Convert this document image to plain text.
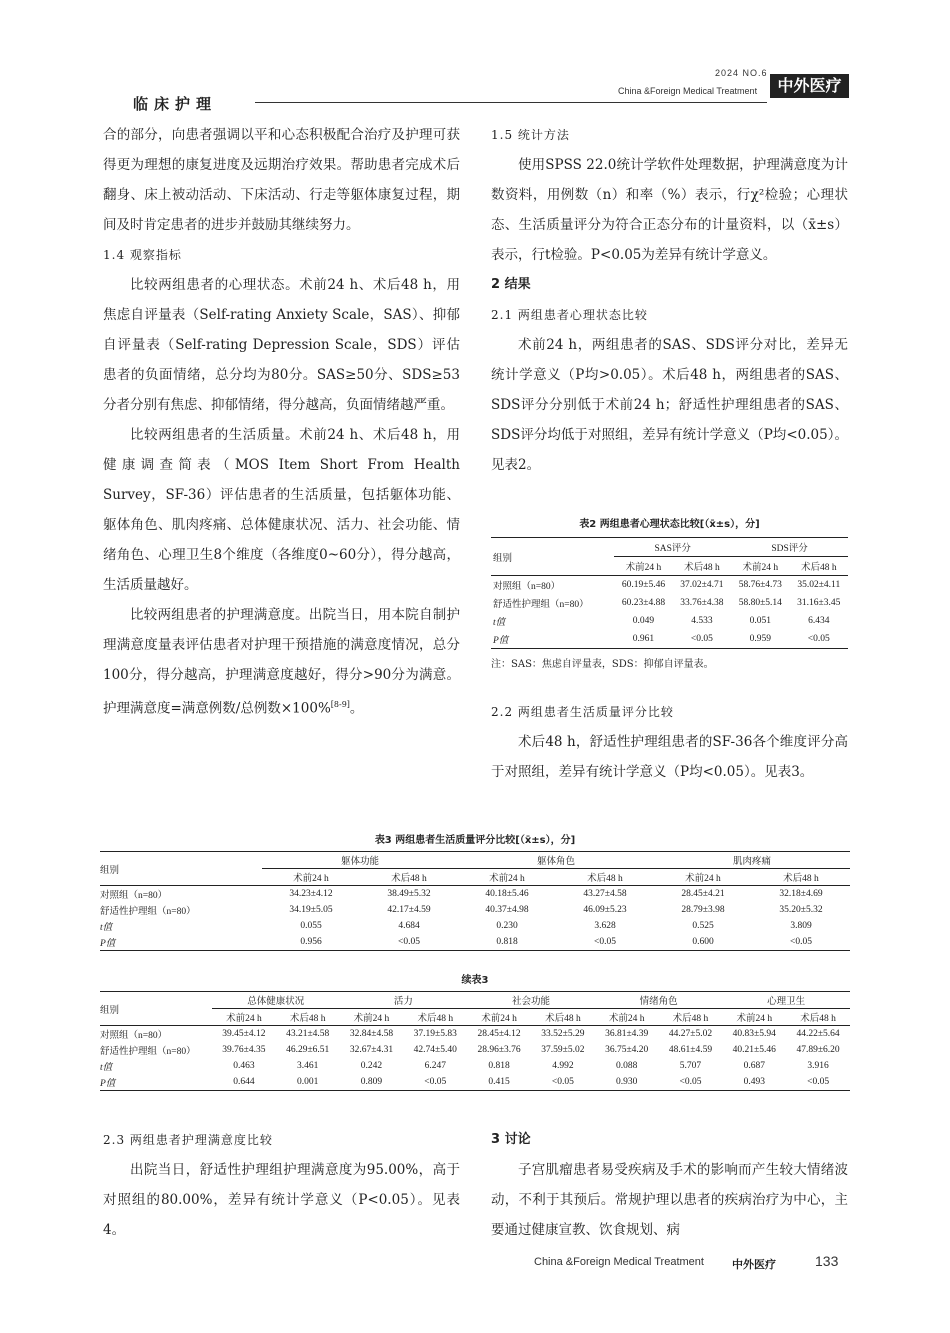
临床护理
2024 NO.6
China &Foreign Medical Treatment	中外医疗

合的部分，向患者强调以平和心态积极配合治疗及护理可获得更为理想的康复进度及远期治疗效果。帮助患者完成术后翻身、床上被动活动、下床活动、行走等躯体康复过程，期间及时肯定患者的进步并鼓励其继续努力。

1.4 观察指标

比较两组患者的心理状态。术前24 h、术后48 h，用焦虑自评量表（Self-rating Anxiety Scale，SAS）、抑郁自评量表（Self-rating Depression Scale，SDS）评估患者的负面情绪，总分均为80分。SAS≥50分、SDS≥53分者分别有焦虑、抑郁情绪，得分越高，负面情绪越严重。

比较两组患者的生活质量。术前24 h、术后48 h，用健康调查简表（MOS Item Short From Health Survey，SF-36）评估患者的生活质量，包括躯体功能、躯体角色、肌肉疼痛、总体健康状况、活力、社会功能、情绪角色、心理卫生8个维度（各维度0~60分），得分越高，生活质量越好。

比较两组患者的护理满意度。出院当日，用本院自制护理满意度量表评估患者对护理干预措施的满意度情况，总分100分，得分越高，护理满意度越好，得分>90分为满意。护理满意度=满意例数/总例数×100%[8-9]。

1.5 统计方法

使用SPSS 22.0统计学软件处理数据，护理满意度为计数资料，用例数（n）和率（%）表示，行χ²检验；心理状态、生活质量评分为符合正态分布的计量资料，以（x̄±s）表示，行t检验。P<0.05为差异有统计学意义。

2 结果

2.1 两组患者心理状态比较

术前24 h，两组患者的SAS、SDS评分对比，差异无统计学意义（P均>0.05）。术后48 h，两组患者的SAS、SDS评分分别低于术前24 h；舒适性护理组患者的SAS、SDS评分均低于对照组，差异有统计学意义（P均<0.05）。见表2。

表2 两组患者心理状态比较[（x̄±s），分]
组别	SAS评分		SDS评分	
	术前24 h	术后48 h	术前24 h	术后48 h
对照组（n=80）	60.19±5.46	37.02±4.71	58.76±4.73	35.02±4.11
舒适性护理组（n=80）	60.23±4.88	33.76±4.38	58.80±5.14	31.16±3.45
t值	0.049	4.533	0.051	6.434
P值	0.961	<0.05	0.959	<0.05
注：SAS：焦虑自评量表，SDS：抑郁自评量表。

2.2 两组患者生活质量评分比较

术后48 h，舒适性护理组患者的SF-36各个维度评分高于对照组，差异有统计学意义（P均<0.05）。见表3。

表3 两组患者生活质量评分比较[（x̄±s），分]
组别	躯体功能		躯体角色		肌肉疼痛	
	术前24 h	术后48 h	术前24 h	术后48 h	术前24 h	术后48 h
对照组（n=80）	34.23±4.12	38.49±5.32	40.18±5.46	43.27±4.58	28.45±4.21	32.18±4.69
舒适性护理组（n=80）	34.19±5.05	42.17±4.59	40.37±4.98	46.09±5.23	28.79±3.98	35.20±5.32
t值	0.055	4.684	0.230	3.628	0.525	3.809
P值	0.956	<0.05	0.818	<0.05	0.600	<0.05
续表3
组别	总体健康状况		活力		社会功能		情绪角色		心理卫生	
	术前24 h	术后48 h	术前24 h	术后48 h	术前24 h	术后48 h	术前24 h	术后48 h	术前24 h	术后48 h
对照组（n=80）	39.45±4.12	43.21±4.58	32.84±4.58	37.19±5.83	28.45±4.12	33.52±5.29	36.81±4.39	44.27±5.02	40.83±5.94	44.22±5.64
舒适性护理组（n=80）	39.76±4.35	46.29±6.51	32.67±4.31	42.74±5.40	28.96±3.76	37.59±5.02	36.75±4.20	48.61±4.59	40.21±5.46	47.89±6.20
t值	0.463	3.461	0.242	6.247	0.818	4.992	0.088	5.707	0.687	3.916
P值	0.644	0.001	0.809	<0.05	0.415	<0.05	0.930	<0.05	0.493	<0.05

2.3 两组患者护理满意度比较

出院当日，舒适性护理组护理满意度为95.00%，高于对照组的80.00%，差异有统计学意义（P<0.05）。见表4。

3 讨论

子宫肌瘤患者易受疾病及手术的影响而产生较大情绪波动，不利于其预后。常规护理以患者的疾病治疗为中心，主要通过健康宣教、饮食规划、病

China &Foreign Medical Treatment	中外医疗	133
